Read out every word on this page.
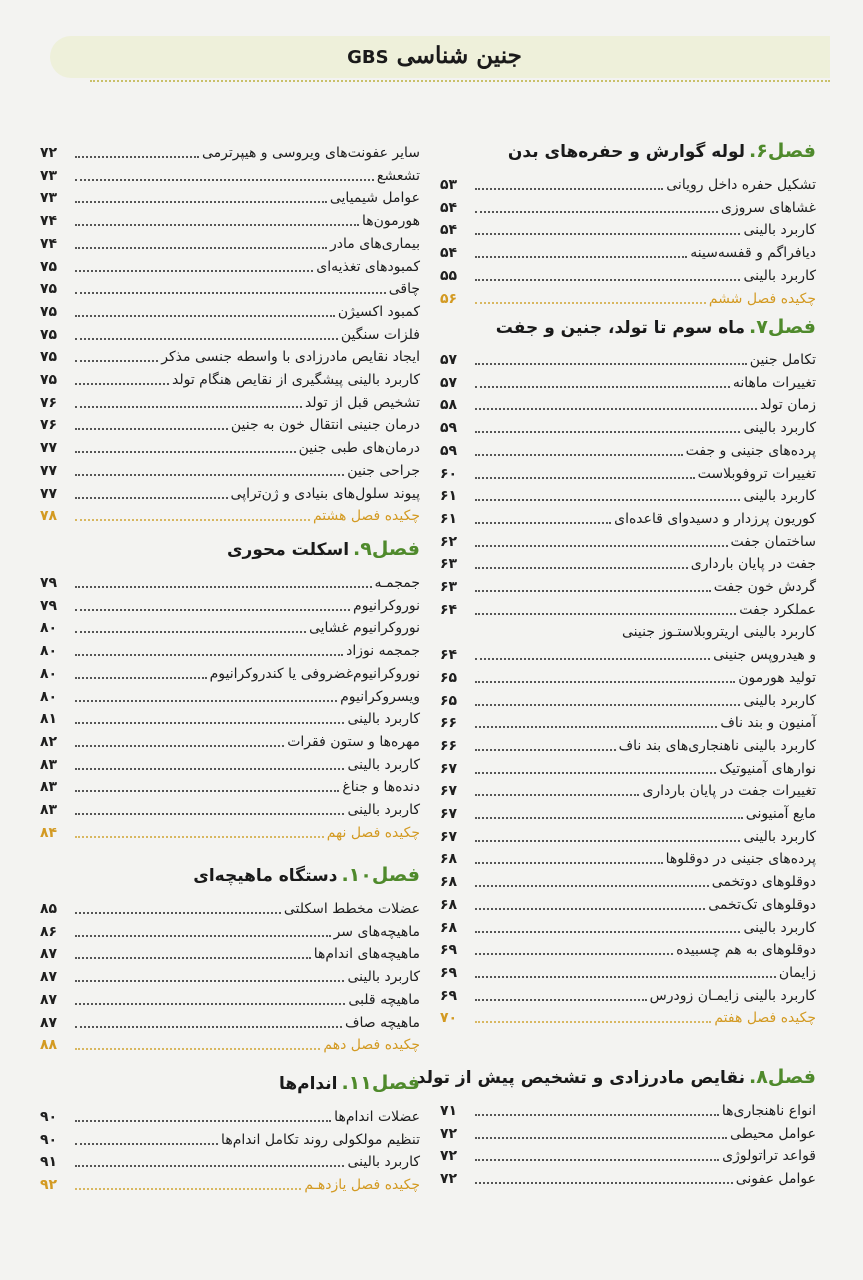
جنین شناسی GBS
فصل۶.لوله گوارش و حفره‌های بدن
تشکیل حفره داخل رویانی
۵۳
غشاهای سروزی
۵۴
کاربرد بالینی
۵۴
دیافراگم و قفسه‌سینه
۵۴
کاربرد بالینی
۵۵
چکیده فصل ششم
۵۶
فصل۷.ماه سوم تا تولد، جنین و جفت
تکامل جنین
۵۷
تغییرات ماهانه
۵۷
زمان تولد
۵۸
کاربرد بالینی
۵۹
پرده‌های جنینی و جفت
۵۹
تغییرات تروفوبلاست
۶۰
کاربرد بالینی
۶۱
کوریون پرزدار و دسیدوای قاعده‌ای
۶۱
ساختمان جفت
۶۲
جفت در پایان بارداری
۶۳
گردش خون جفت
۶۳
عملکرد جفت
۶۴
کاربرد بالینی اریتروبلاستـوز جنینی
و هیدروپس جنینی
۶۴
تولید هورمون
۶۵
کاربرد بالینی
۶۵
آمنیون و بند ناف
۶۶
کاربرد بالینی ناهنجاری‌های بند ناف
۶۶
نوارهای آمنیوتیک
۶۷
تغییرات جفت در پایان بارداری
۶۷
مایع آمنیونی
۶۷
کاربرد بالینی
۶۷
پرده‌های جنینی در دوقلوها
۶۸
دوقلوهای دوتخمی
۶۸
دوقلوهای تک‌تخمی
۶۸
کاربرد بالینی
۶۸
دوقلوهای به هم چسبیده
۶۹
زایمان
۶۹
کاربرد بالینی زایمـان زودرس
۶۹
چکیده فصل هفتم
۷۰
فصل۸.نقایص مادرزادی و تشخیص پیش از تولد
انواع ناهنجاری‌ها
۷۱
عوامل محیطی
۷۲
قواعد تراتولوژی
۷۲
عوامل عفونی
۷۲
سایر عفونت‌های ویروسی و هیپرترمی
۷۲
تشعشع
۷۳
عوامل شیمیایی
۷۳
هورمون‌ها
۷۴
بیماری‌های مادر
۷۴
کمبودهای تغذیه‌ای
۷۵
چاقی
۷۵
کمبود اکسیژن
۷۵
فلزات سنگین
۷۵
ایجاد نقایص مادرزادی با واسطه جنسی مذکر
۷۵
کاربرد بالینی پیشگیری از نقایص هنگام تولد
۷۵
تشخیص قبل از تولد
۷۶
درمان جنینی انتقال خون به جنین
۷۶
درمان‌های طبی جنین
۷۷
جراحی جنین
۷۷
پیوند سلول‌های بنیادی و ژن‌تراپی
۷۷
چکیده فصل هشتم
۷۸
فصل۹.اسکلت محوری
جمجمـه
۷۹
نوروکرانیوم
۷۹
نوروکرانیوم غشایی
۸۰
جمجمه نوزاد
۸۰
نوروکرانیوم‌غضروفی یا کندروکرانیوم
۸۰
ویسروکرانیوم
۸۰
کاربرد بالینی
۸۱
مهره‌ها و ستون فقرات
۸۲
کاربرد بالینی
۸۳
دنده‌ها و جناغ
۸۳
کاربرد بالینی
۸۳
چکیده فصل نهم
۸۴
فصل۱۰.دستگاه ماهیچه‌ای
عضلات مخطط اسکلتی
۸۵
ماهیچه‌های سر
۸۶
ماهیچه‌های اندام‌ها
۸۷
کاربرد بالینی
۸۷
ماهیچه قلبی
۸۷
ماهیچه صاف
۸۷
چکیده فصل دهم
۸۸
فصل۱۱.اندام‌ها
عضلات اندام‌ها
۹۰
تنظیم مولکولی روند تکامل اندام‌ها
۹۰
کاربرد بالینی
۹۱
چکیده فصل یازدهـم
۹۲
